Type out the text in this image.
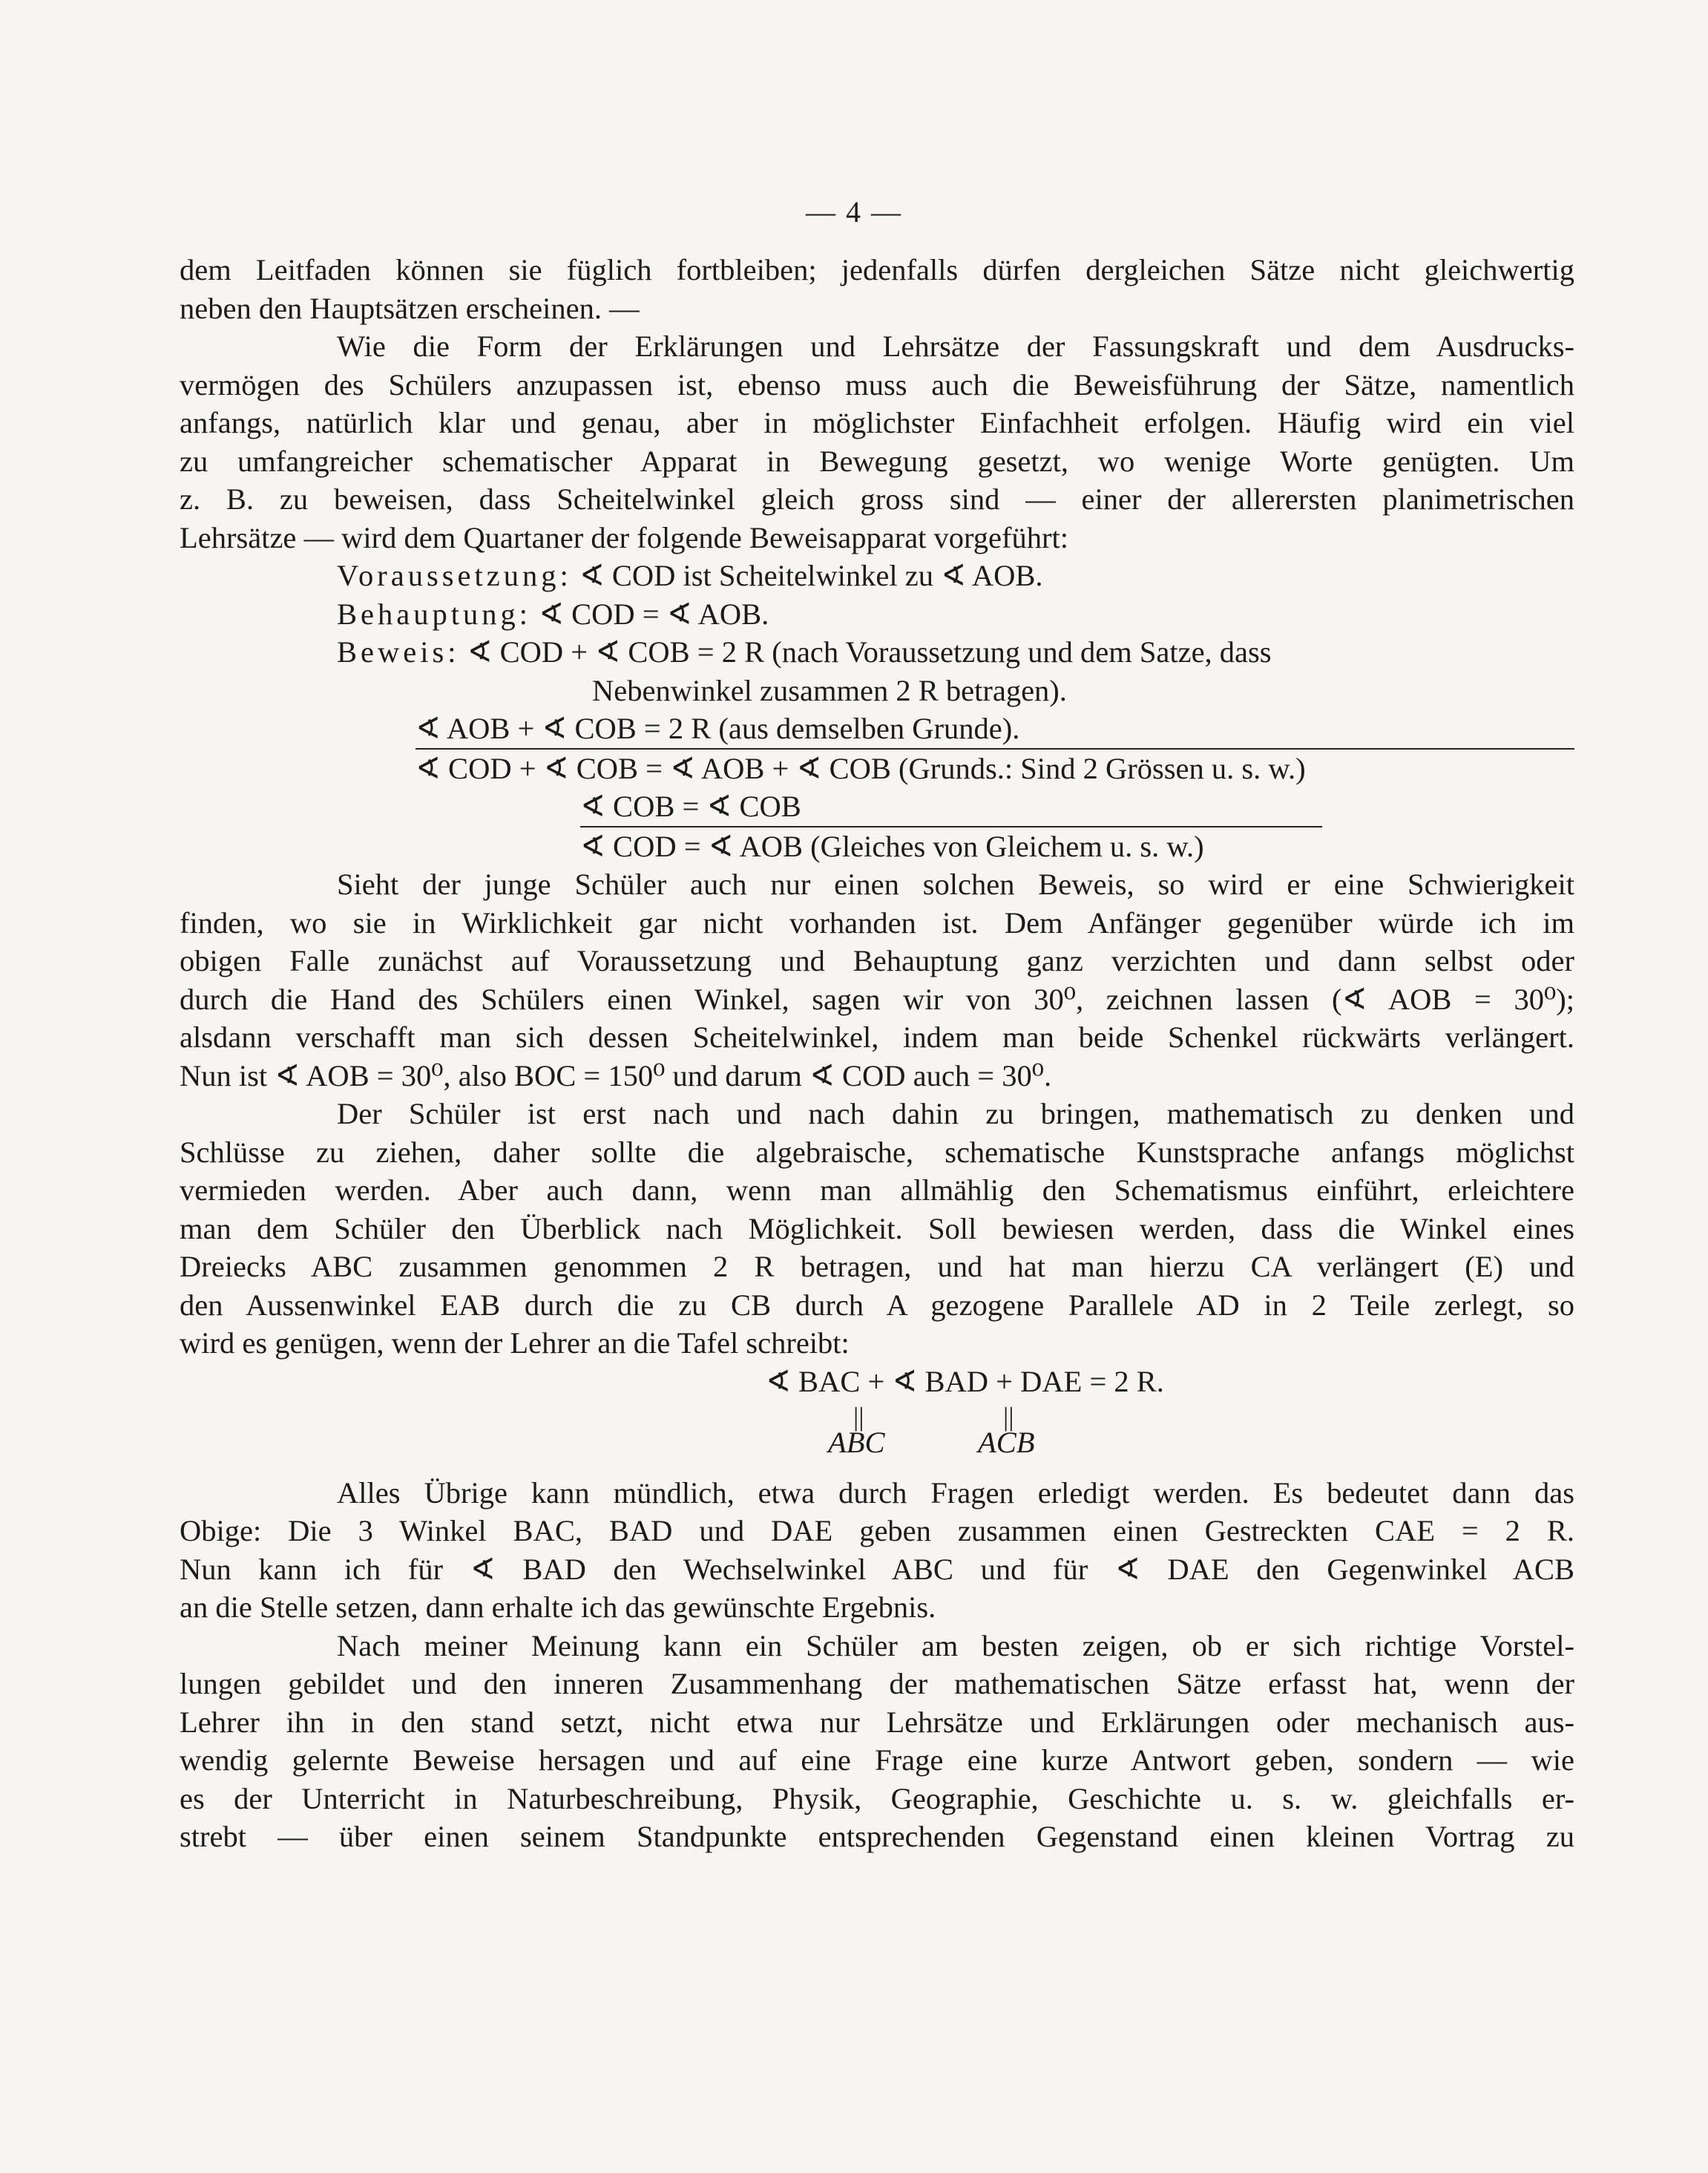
— 4 —
dem Leitfaden können sie füglich fortbleiben; jedenfalls dürfen dergleichen Sätze nicht gleichwertig
neben den Hauptsätzen erscheinen. —
Wie die Form der Erklärungen und Lehrsätze der Fassungskraft und dem Ausdrucks-
vermögen des Schülers anzupassen ist, ebenso muss auch die Beweisführung der Sätze, namentlich
anfangs, natürlich klar und genau, aber in möglichster Einfachheit erfolgen. Häufig wird ein viel
zu umfangreicher schematischer Apparat in Bewegung gesetzt, wo wenige Worte genügten. Um
z. B. zu beweisen, dass Scheitelwinkel gleich gross sind — einer der allerersten planimetrischen
Lehrsätze — wird dem Quartaner der folgende Beweisapparat vorgeführt:
Voraussetzung: ∢ COD ist Scheitelwinkel zu ∢ AOB.
Behauptung: ∢ COD = ∢ AOB.
Beweis: ∢ COD + ∢ COB = 2 R (nach Voraussetzung und dem Satze, dass
Nebenwinkel zusammen 2 R betragen).
∢ AOB + ∢ COB = 2 R (aus demselben Grunde).
∢ COD + ∢ COB = ∢ AOB + ∢ COB (Grunds.: Sind 2 Grössen u. s. w.)
∢ COB = ∢ COB
∢ COD = ∢ AOB (Gleiches von Gleichem u. s. w.)
Sieht der junge Schüler auch nur einen solchen Beweis, so wird er eine Schwierigkeit
finden, wo sie in Wirklichkeit gar nicht vorhanden ist. Dem Anfänger gegenüber würde ich im
obigen Falle zunächst auf Voraussetzung und Behauptung ganz verzichten und dann selbst oder
durch die Hand des Schülers einen Winkel, sagen wir von 30⁰, zeichnen lassen (∢ AOB = 30⁰);
alsdann verschafft man sich dessen Scheitelwinkel, indem man beide Schenkel rückwärts verlängert.
Nun ist ∢ AOB = 30⁰, also BOC = 150⁰ und darum ∢ COD auch = 30⁰.
Der Schüler ist erst nach und nach dahin zu bringen, mathematisch zu denken und
Schlüsse zu ziehen, daher sollte die algebraische, schematische Kunstsprache anfangs möglichst
vermieden werden. Aber auch dann, wenn man allmählig den Schematismus einführt, erleichtere
man dem Schüler den Überblick nach Möglichkeit. Soll bewiesen werden, dass die Winkel eines
Dreiecks ABC zusammen genommen 2 R betragen, und hat man hierzu CA verlängert (E) und
den Aussenwinkel EAB durch die zu CB durch A gezogene Parallele AD in 2 Teile zerlegt, so
wird es genügen, wenn der Lehrer an die Tafel schreibt:
∢ BAC + ∢ BAD + DAE = 2 R.
||	||
ABC	ACB
Alles Übrige kann mündlich, etwa durch Fragen erledigt werden. Es bedeutet dann das
Obige: Die 3 Winkel BAC, BAD und DAE geben zusammen einen Gestreckten CAE = 2 R.
Nun kann ich für ∢ BAD den Wechselwinkel ABC und für ∢ DAE den Gegenwinkel ACB
an die Stelle setzen, dann erhalte ich das gewünschte Ergebnis.
Nach meiner Meinung kann ein Schüler am besten zeigen, ob er sich richtige Vorstel-
lungen gebildet und den inneren Zusammenhang der mathematischen Sätze erfasst hat, wenn der
Lehrer ihn in den stand setzt, nicht etwa nur Lehrsätze und Erklärungen oder mechanisch aus-
wendig gelernte Beweise hersagen und auf eine Frage eine kurze Antwort geben, sondern — wie
es der Unterricht in Naturbeschreibung, Physik, Geographie, Geschichte u. s. w. gleichfalls er-
strebt — über einen seinem Standpunkte entsprechenden Gegenstand einen kleinen Vortrag zu
